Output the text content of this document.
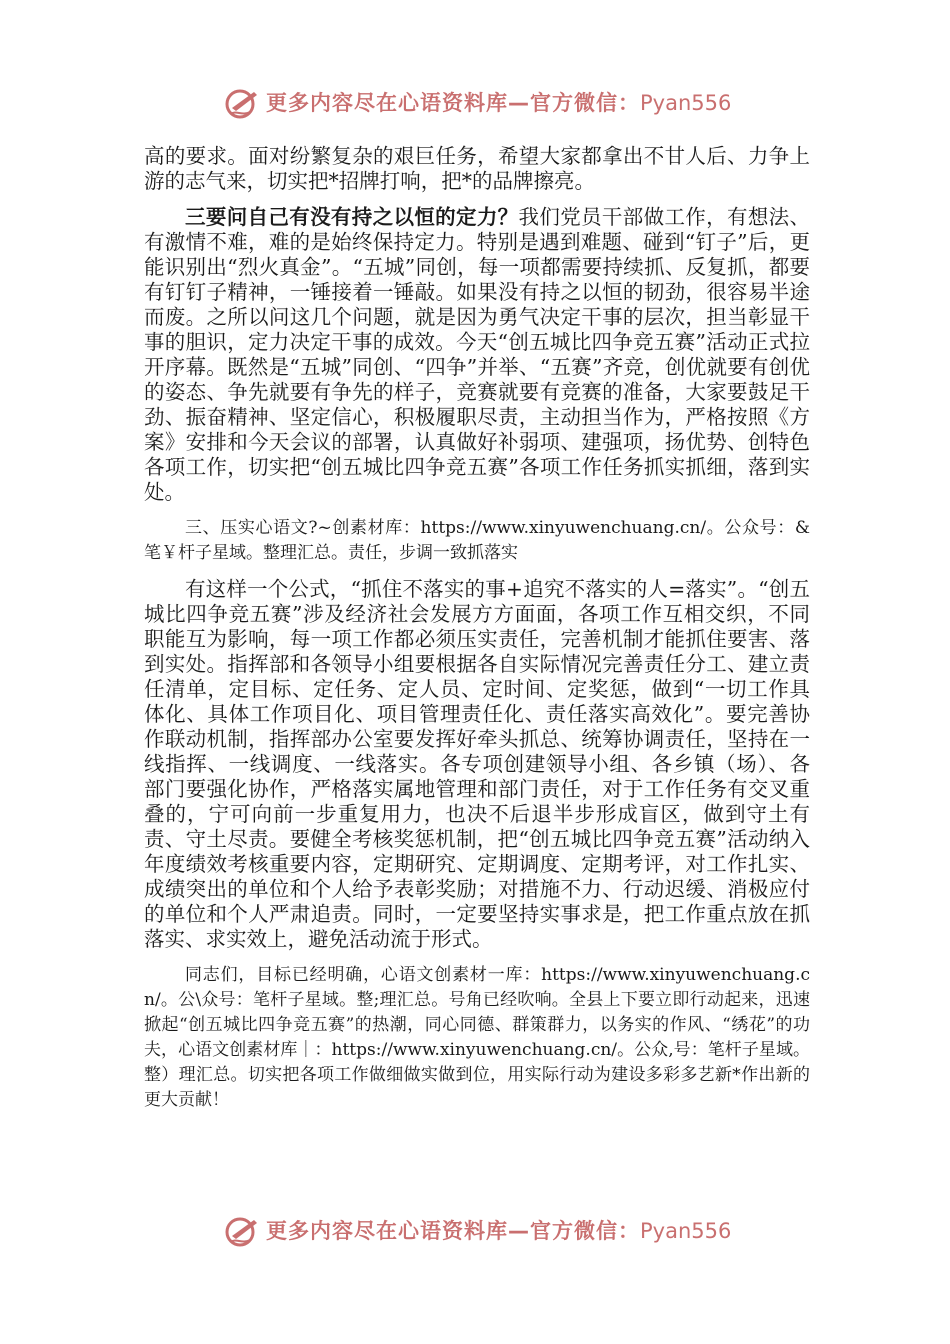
更多内容尽在心语资料库—官方微信：Pyan556

高的要求。面对纷繁复杂的艰巨任务，希望大家都拿出不甘人后、力争上游的志气来，切实把*招牌打响，把*的品牌擦亮。

三要问自己有没有持之以恒的定力？我们党员干部做工作，有想法、有激情不难，难的是始终保持定力。特别是遇到难题、碰到“钉子”后，更能识别出“烈火真金”。“五城”同创，每一项都需要持续抓、反复抓，都要有钉钉子精神，一锤接着一锤敲。如果没有持之以恒的韧劲，很容易半途而废。之所以问这几个问题，就是因为勇气决定干事的层次，担当彰显干事的胆识，定力决定干事的成效。今天“创五城比四争竞五赛”活动正式拉开序幕。既然是“五城”同创、“四争”并举、“五赛”齐竞，创优就要有创优的姿态、争先就要有争先的样子，竞赛就要有竞赛的准备，大家要鼓足干劲、振奋精神、坚定信心，积极履职尽责，主动担当作为，严格按照《方案》安排和今天会议的部署，认真做好补弱项、建强项，扬优势、创特色各项工作，切实把“创五城比四争竞五赛”各项工作任务抓实抓细，落到实处。

三、压实心语文?~创素材库：https://www.xinyuwenchuang.cn/。公众号：&笔￥杆子星域。整理汇总。责任，步调一致抓落实

有这样一个公式，“抓住不落实的事+追究不落实的人=落实”。“创五城比四争竞五赛”涉及经济社会发展方方面面，各项工作互相交织，不同职能互为影响，每一项工作都必须压实责任，完善机制才能抓住要害、落到实处。指挥部和各领导小组要根据各自实际情况完善责任分工、建立责任清单，定目标、定任务、定人员、定时间、定奖惩，做到“一切工作具体化、具体工作项目化、项目管理责任化、责任落实高效化”。要完善协作联动机制，指挥部办公室要发挥好牵头抓总、统筹协调责任，坚持在一线指挥、一线调度、一线落实。各专项创建领导小组、各乡镇（场）、各部门要强化协作，严格落实属地管理和部门责任，对于工作任务有交叉重叠的，宁可向前一步重复用力，也决不后退半步形成盲区，做到守土有责、守土尽责。要健全考核奖惩机制，把“创五城比四争竞五赛”活动纳入年度绩效考核重要内容，定期研究、定期调度、定期考评，对工作扎实、成绩突出的单位和个人给予表彰奖励；对措施不力、行动迟缓、消极应付的单位和个人严肃追责。同时，一定要坚持实事求是，把工作重点放在抓落实、求实效上，避免活动流于形式。

同志们，目标已经明确，心语文创素材一库：https://www.xinyuwenchuang.cn/。公\众号：笔杆子星域。整;理汇总。号角已经吹响。全县上下要立即行动起来，迅速掀起“创五城比四争竞五赛”的热潮，同心同德、群策群力，以务实的作风、“绣花”的功夫，心语文创素材库｜：https://www.xinyuwenchuang.cn/。公众,号：笔杆子星域。整）理汇总。切实把各项工作做细做实做到位，用实际行动为建设多彩多艺新*作出新的更大贡献！

更多内容尽在心语资料库—官方微信：Pyan556
